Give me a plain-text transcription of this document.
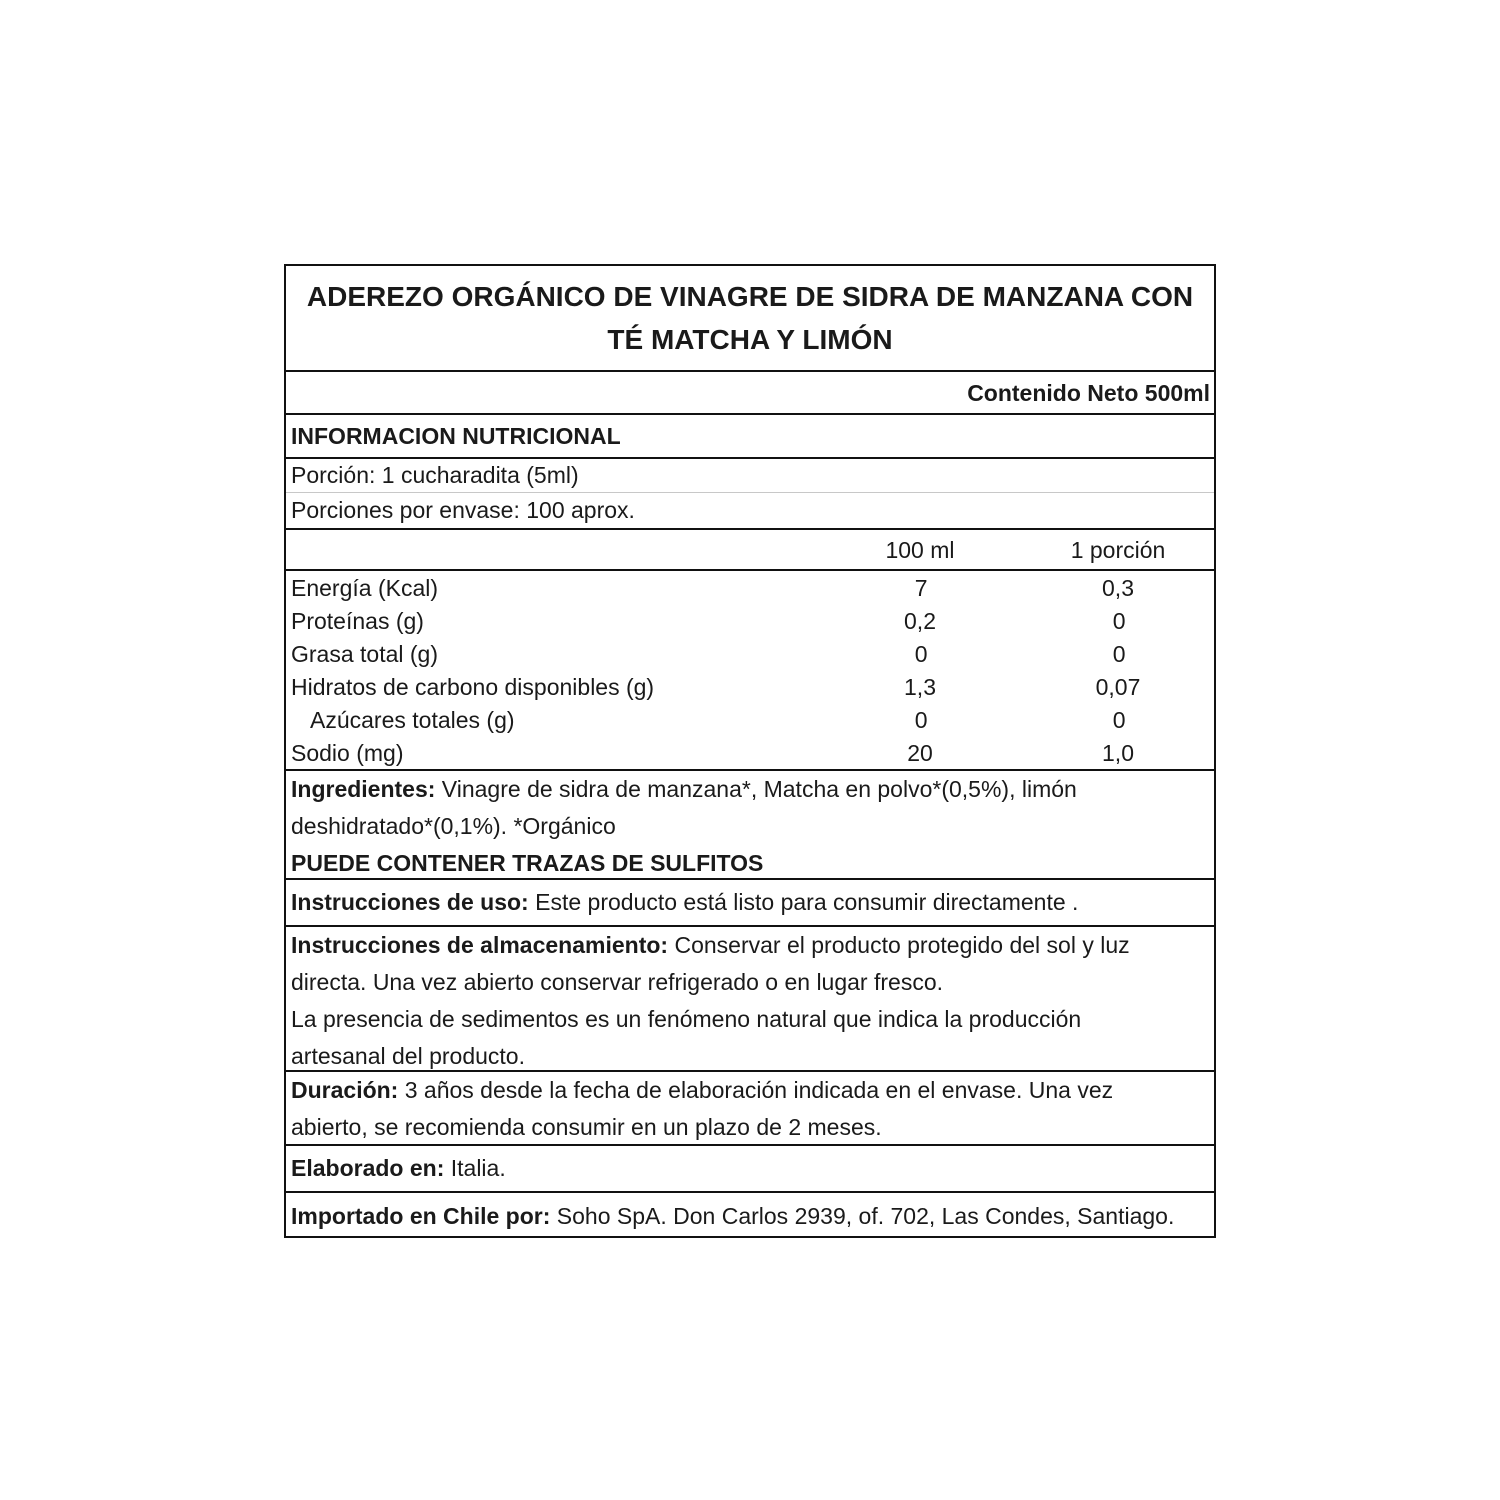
ADEREZO ORGÁNICO DE VINAGRE DE SIDRA DE MANZANA CON
TÉ MATCHA Y LIMÓN
Contenido Neto 500ml
INFORMACION NUTRICIONAL
Porción: 1 cucharadita (5ml)
Porciones por envase: 100 aprox.
100 ml	1 porción
Energía (Kcal)	7	0,3
Proteínas (g)	0,2	0
Grasa total (g)	0	0
Hidratos de carbono disponibles (g)	1,3	0,07
Azúcares totales (g)	0	0
Sodio (mg)	20	1,0
Ingredientes: Vinagre de sidra de manzana*, Matcha en polvo*(0,5%), limón
deshidratado*(0,1%). *Orgánico
PUEDE CONTENER TRAZAS DE SULFITOS
Instrucciones de uso: Este producto está listo para consumir directamente .
Instrucciones de almacenamiento: Conservar el producto protegido del sol y luz
directa. Una vez abierto conservar refrigerado o en lugar fresco.
La presencia de sedimentos es un fenómeno natural que indica la producción
artesanal del producto.
Duración: 3 años desde la fecha de elaboración indicada en el envase. Una vez
abierto, se recomienda consumir en un plazo de 2 meses.
Elaborado en: Italia.
Importado en Chile por: Soho SpA. Don Carlos 2939, of. 702, Las Condes, Santiago.
